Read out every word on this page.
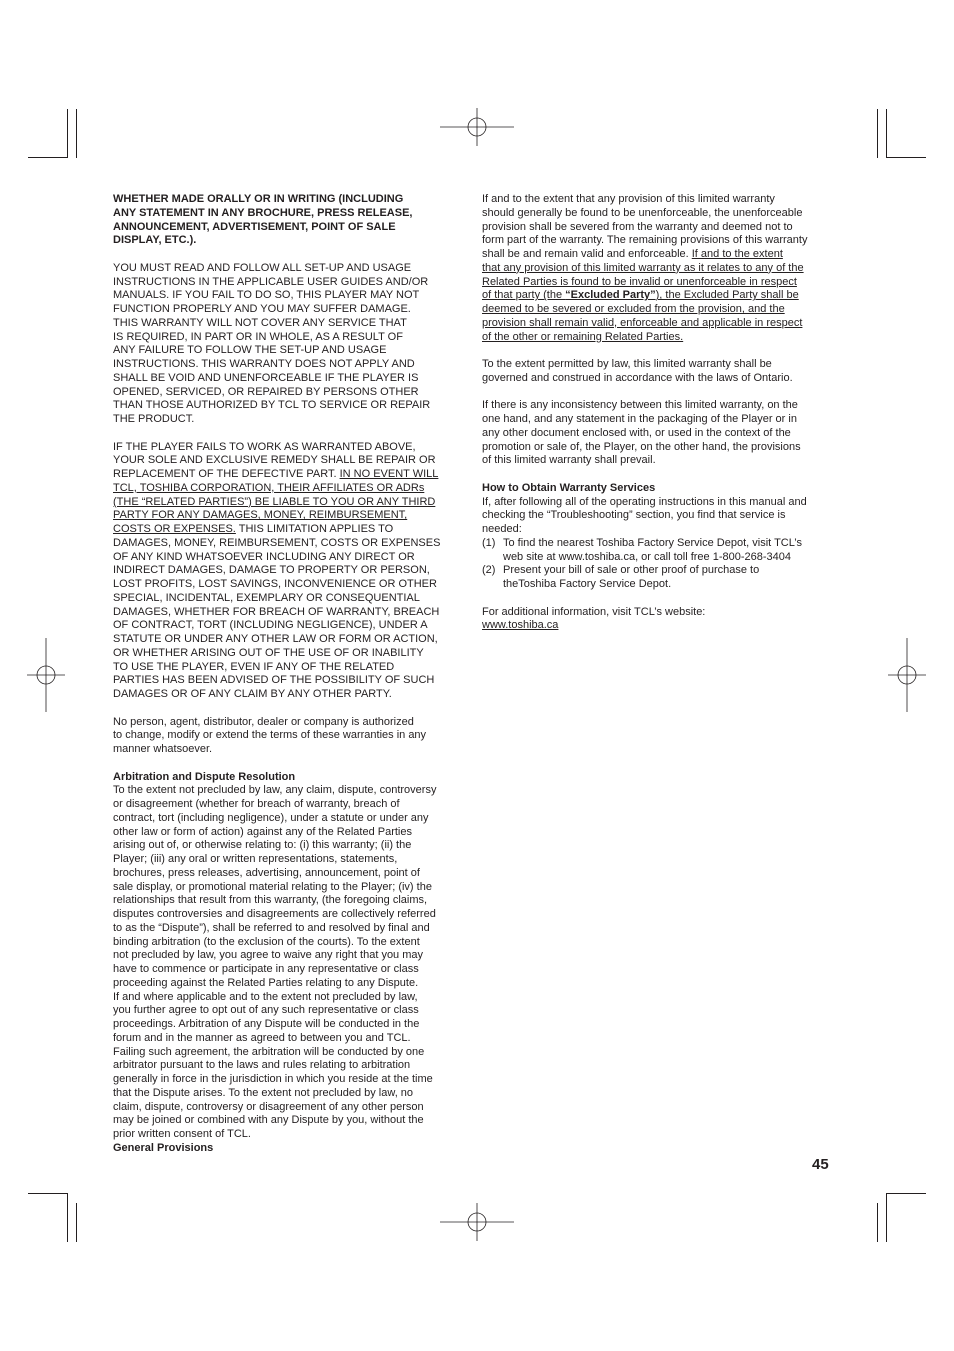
WHETHER MADE ORALLY OR IN WRITING (INCLUDING
ANY STATEMENT IN ANY BROCHURE, PRESS RELEASE,
ANNOUNCEMENT, ADVERTISEMENT, POINT OF SALE
DISPLAY, ETC.).

YOU MUST READ AND FOLLOW ALL SET-UP AND USAGE
INSTRUCTIONS IN THE APPLICABLE USER GUIDES AND/OR
MANUALS. IF YOU FAIL TO DO SO, THIS PLAYER MAY NOT
FUNCTION PROPERLY AND YOU MAY SUFFER DAMAGE.
THIS WARRANTY WILL NOT COVER ANY SERVICE THAT
IS REQUIRED, IN PART OR IN WHOLE, AS A RESULT OF
ANY FAILURE TO FOLLOW THE SET-UP AND USAGE
INSTRUCTIONS. THIS WARRANTY DOES NOT APPLY AND
SHALL BE VOID AND UNENFORCEABLE IF THE PLAYER IS
OPENED, SERVICED, OR REPAIRED BY PERSONS OTHER
THAN THOSE AUTHORIZED BY TCL TO SERVICE OR REPAIR
THE PRODUCT.

IF THE PLAYER FAILS TO WORK AS WARRANTED ABOVE,
YOUR SOLE AND EXCLUSIVE REMEDY SHALL BE REPAIR OR
REPLACEMENT OF THE DEFECTIVE PART. IN NO EVENT WILL
TCL, TOSHIBA CORPORATION, THEIR AFFILIATES OR ADRs
(THE “RELATED PARTIES”) BE LIABLE TO YOU OR ANY THIRD
PARTY FOR ANY DAMAGES, MONEY, REIMBURSEMENT,
COSTS OR EXPENSES. THIS LIMITATION APPLIES TO
DAMAGES, MONEY, REIMBURSEMENT, COSTS OR EXPENSES
OF ANY KIND WHATSOEVER INCLUDING ANY DIRECT OR
INDIRECT DAMAGES, DAMAGE TO PROPERTY OR PERSON,
LOST PROFITS, LOST SAVINGS, INCONVENIENCE OR OTHER
SPECIAL, INCIDENTAL, EXEMPLARY OR CONSEQUENTIAL
DAMAGES, WHETHER FOR BREACH OF WARRANTY, BREACH
OF CONTRACT, TORT (INCLUDING NEGLIGENCE), UNDER A
STATUTE OR UNDER ANY OTHER LAW OR FORM OR ACTION,
OR WHETHER ARISING OUT OF THE USE OF OR INABILITY
TO USE THE PLAYER, EVEN IF ANY OF THE RELATED
PARTIES HAS BEEN ADVISED OF THE POSSIBILITY OF SUCH
DAMAGES OR OF ANY CLAIM BY ANY OTHER PARTY.

No person, agent, distributor, dealer or company is authorized
to change, modify or extend the terms of these warranties in any
manner whatsoever.

Arbitration and Dispute Resolution

To the extent not precluded by law, any claim, dispute, controversy
or disagreement (whether for breach of warranty, breach of
contract, tort (including negligence), under a statute or under any
other law or form of action) against any of the Related Parties
arising out of, or otherwise relating to: (i) this warranty; (ii) the
Player; (iii) any oral or written representations, statements,
brochures, press releases, advertising, announcement, point of
sale display, or promotional material relating to the Player; (iv) the
relationships that result from this warranty, (the foregoing claims,
disputes controversies and disagreements are collectively referred
to as the “Dispute”), shall be referred to and resolved by final and
binding arbitration (to the exclusion of the courts). To the extent
not precluded by law, you agree to waive any right that you may
have to commence or participate in any representative or class
proceeding against the Related Parties relating to any Dispute.
If and where applicable and to the extent not precluded by law,
you further agree to opt out of any such representative or class
proceedings. Arbitration of any Dispute will be conducted in the
forum and in the manner as agreed to between you and TCL.
Failing such agreement, the arbitration will be conducted by one
arbitrator pursuant to the laws and rules relating to arbitration
generally in force in the jurisdiction in which you reside at the time
that the Dispute arises. To the extent not precluded by law, no
claim, dispute, controversy or disagreement of any other person
may be joined or combined with any Dispute by you, without the
prior written consent of TCL.

General Provisions

If and to the extent that any provision of this limited warranty
should generally be found to be unenforceable, the unenforceable
provision shall be severed from the warranty and deemed not to
form part of the warranty. The remaining provisions of this warranty
shall be and remain valid and enforceable. If and to the extent
that any provision of this limited warranty as it relates to any of the
Related Parties is found to be invalid or unenforceable in respect
of that party (the “Excluded Party”), the Excluded Party shall be
deemed to be severed or excluded from the provision, and the
provision shall remain valid, enforceable and applicable in respect
of the other or remaining Related Parties.

To the extent permitted by law, this limited warranty shall be
governed and construed in accordance with the laws of Ontario.

If there is any inconsistency between this limited warranty, on the
one hand, and any statement in the packaging of the Player or in
any other document enclosed with, or used in the context of the
promotion or sale of, the Player, on the other hand, the provisions
of this limited warranty shall prevail.

How to Obtain Warranty Services

If, after following all of the operating instructions in this manual and
checking the “Troubleshooting” section, you find that service is
needed:

(1) To find the nearest Toshiba Factory Service Depot, visit TCL’s
web site at www.toshiba.ca, or call toll free 1-800-268-3404
(2) Present your bill of sale or other proof of purchase to
theToshiba Factory Service Depot.

For additional information, visit TCL’s website:

www.toshiba.ca

45
